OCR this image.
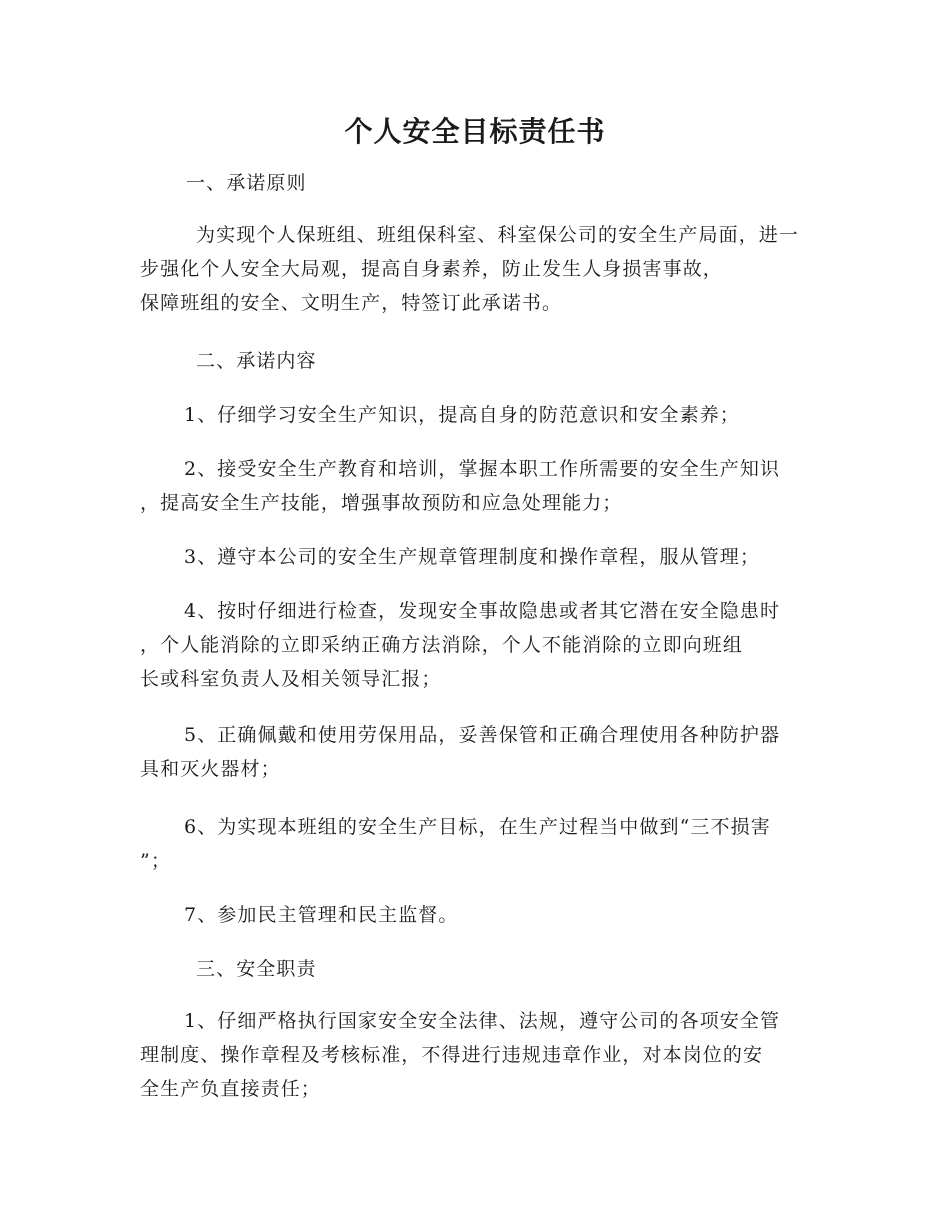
个人安全目标责任书

一、承诺原则

为实现个人保班组、班组保科室、科室保公司的安全生产局面，进一
步强化个人安全大局观，提高自身素养，防止发生人身损害事故，
保障班组的安全、文明生产，特签订此承诺书。

二、承诺内容

1、仔细学习安全生产知识，提高自身的防范意识和安全素养；

2、接受安全生产教育和培训，掌握本职工作所需要的安全生产知识
，提高安全生产技能，增强事故预防和应急处理能力；

3、遵守本公司的安全生产规章管理制度和操作章程，服从管理；

4、按时仔细进行检查，发现安全事故隐患或者其它潜在安全隐患时
，个人能消除的立即采纳正确方法消除，个人不能消除的立即向班组
长或科室负责人及相关领导汇报；

5、正确佩戴和使用劳保用品，妥善保管和正确合理使用各种防护器
具和灭火器材；

6、为实现本班组的安全生产目标，在生产过程当中做到“三不损害
”；

7、参加民主管理和民主监督。

三、安全职责

1、仔细严格执行国家安全安全法律、法规，遵守公司的各项安全管
理制度、操作章程及考核标准，不得进行违规违章作业，对本岗位的安
全生产负直接责任；
